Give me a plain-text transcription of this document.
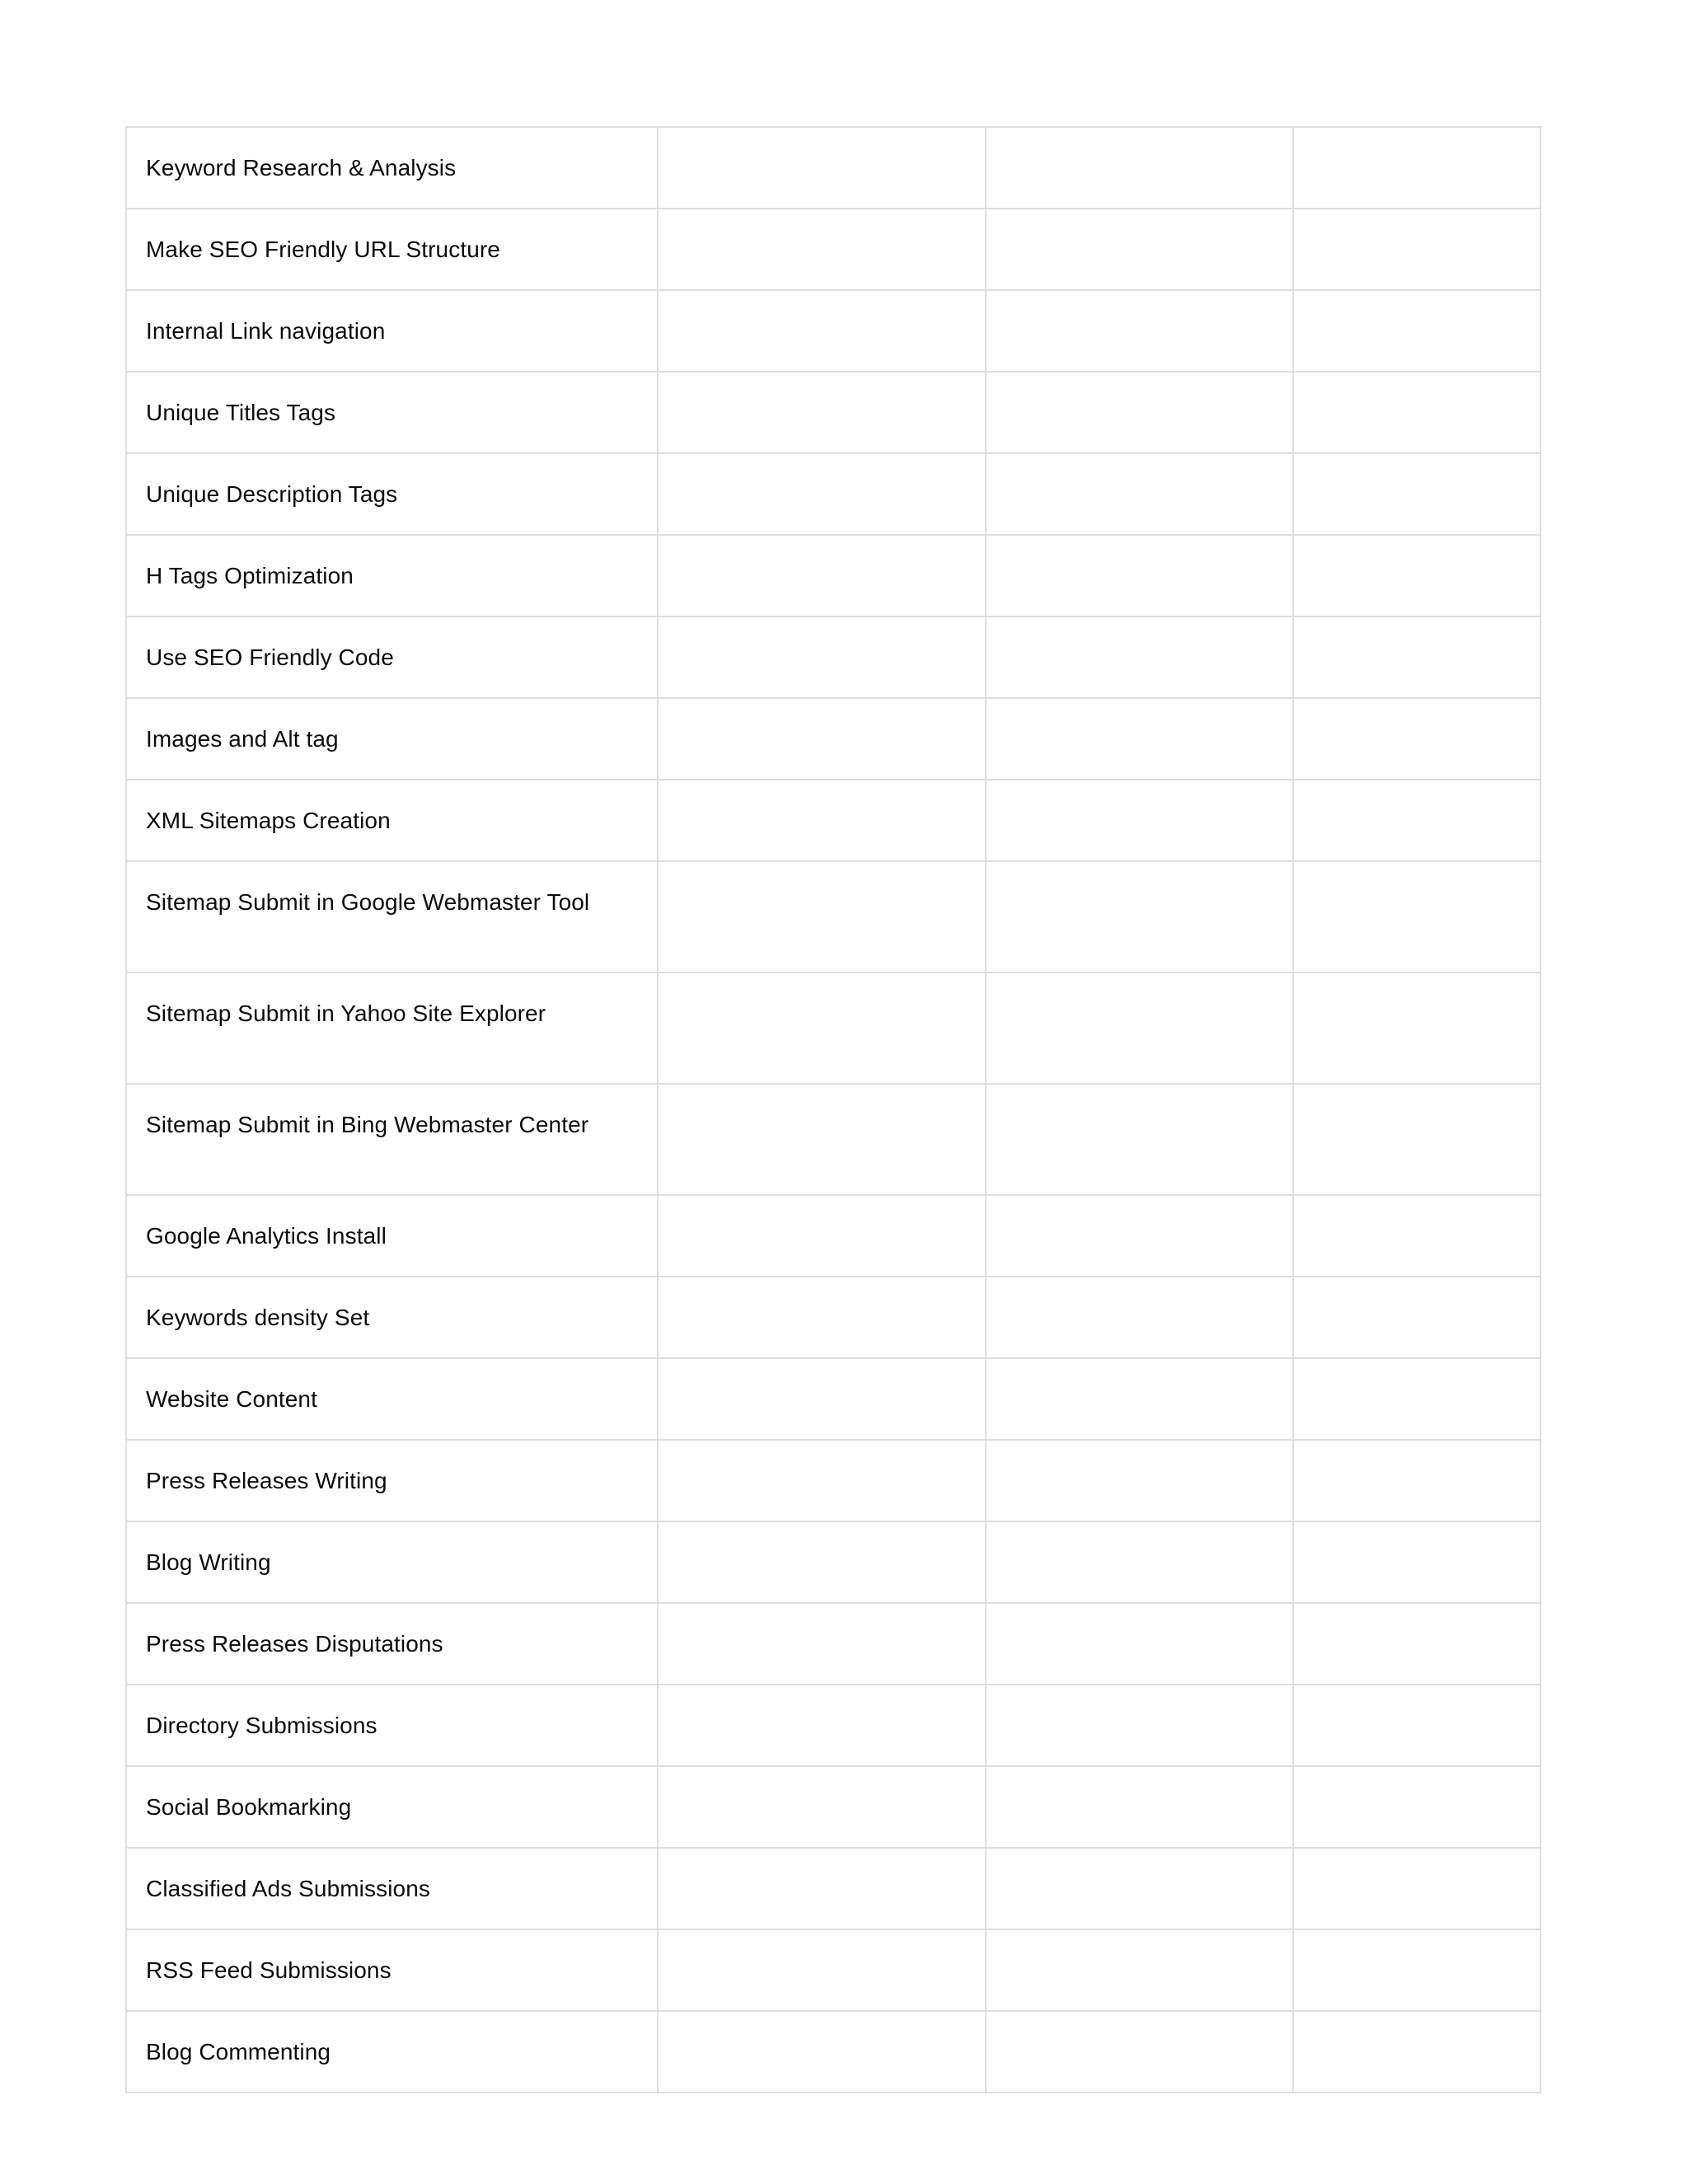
Keyword Research & Analysis			

Make SEO Friendly URL Structure			

Internal Link navigation			

Unique Titles Tags			

Unique Description Tags			

H Tags Optimization			

Use SEO Friendly Code			

Images and Alt tag			

XML Sitemaps Creation			

Sitemap Submit in Google Webmaster Tool			

Sitemap Submit in Yahoo Site Explorer			

Sitemap Submit in Bing Webmaster Center			

Google Analytics Install			

Keywords density Set			

Website Content			

Press Releases Writing			

Blog Writing			

Press Releases Disputations			

Directory Submissions			

Social Bookmarking			

Classified Ads Submissions			

RSS Feed Submissions			

Blog Commenting			
